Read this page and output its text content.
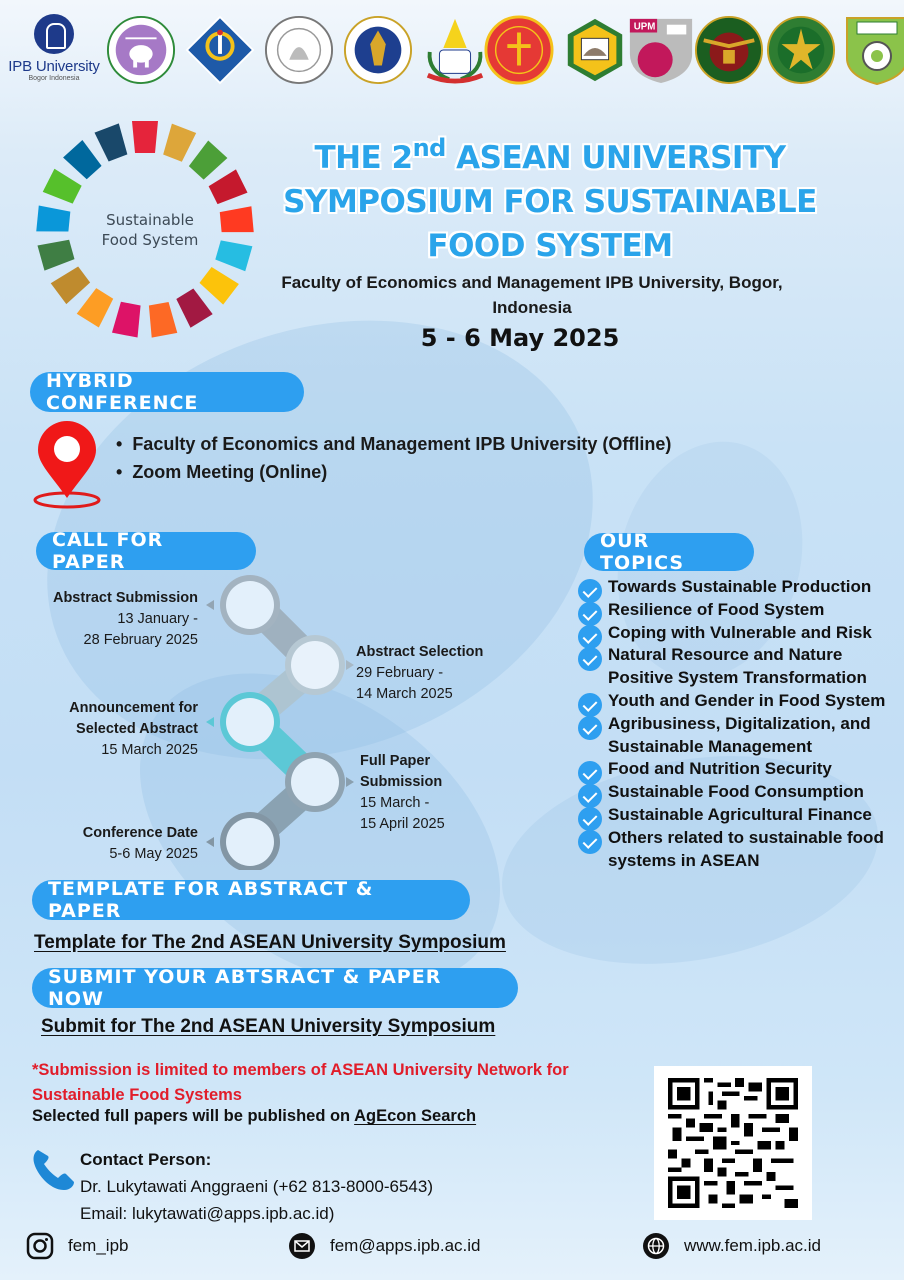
IPB University
Bogor Indonesia
UPM
Sustainable
Food System
THE 2nd ASEAN UNIVERSITY SYMPOSIUM FOR SUSTAINABLE FOOD SYSTEM
Faculty of Economics and Management IPB University, Bogor, Indonesia
5 - 6 May 2025
HYBRID CONFERENCE
• Faculty of Economics and Management IPB University (Offline)
• Zoom Meeting (Online)
CALL FOR PAPER
Abstract Submission
13 January -
28 February 2025
Abstract Selection
29 February -
14 March 2025
Announcement for
Selected Abstract
15 March 2025
Full Paper
Submission
15 March -
15 April 2025
Conference Date
5-6 May 2025
OUR TOPICS
Towards Sustainable Production
Resilience of Food System
Coping with Vulnerable and Risk
Natural Resource and Nature Positive System Transformation
Youth and Gender in Food System
Agribusiness, Digitalization, and Sustainable Management
Food and Nutrition Security
Sustainable Food Consumption
Sustainable Agricultural Finance
Others related to sustainable food systems in ASEAN
TEMPLATE FOR ABSTRACT & PAPER
Template for The 2nd ASEAN University Symposium
SUBMIT YOUR ABTSRACT & PAPER NOW
Submit for The 2nd ASEAN University Symposium
*Submission is limited to members of ASEAN University Network for Sustainable Food Systems
Selected full papers will be published on AgEcon Search
Contact Person:
Dr. Lukytawati Anggraeni (+62 813-8000-6543)
Email: lukytawati@apps.ipb.ac.id)
fem_ipb	fem@apps.ipb.ac.id	www.fem.ipb.ac.id
